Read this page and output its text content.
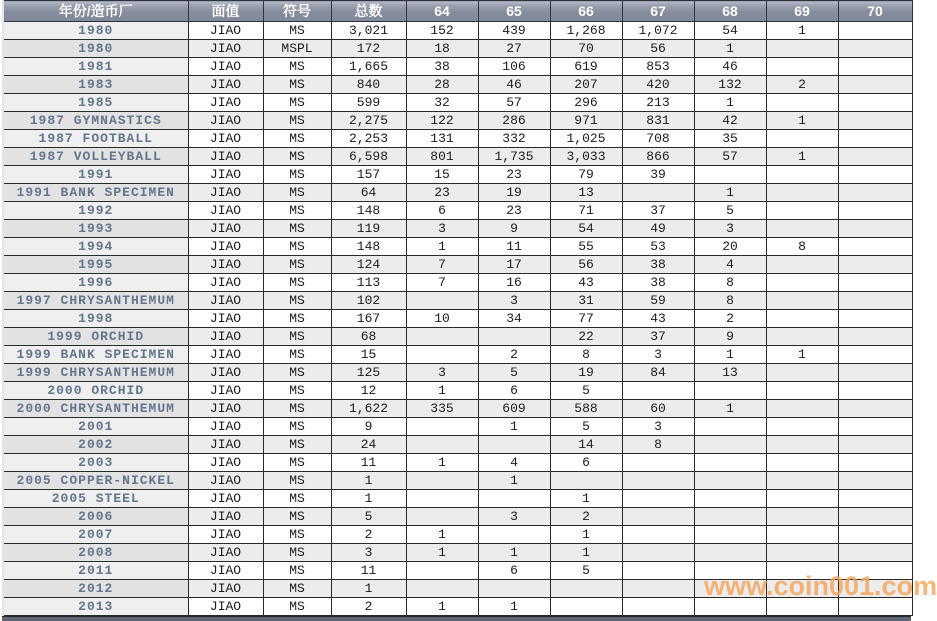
年份/造币厂	面值	符号	总数	64	65	66	67	68	69	70
1980	JIAO	MS	3,021	152	439	1,268	1,072	54	1	
1980	JIAO	MSPL	172	18	27	70	56	1		
1981	JIAO	MS	1,665	38	106	619	853	46		
1983	JIAO	MS	840	28	46	207	420	132	2	
1985	JIAO	MS	599	32	57	296	213	1		
1987 GYMNASTICS	JIAO	MS	2,275	122	286	971	831	42	1	
1987 FOOTBALL	JIAO	MS	2,253	131	332	1,025	708	35		
1987 VOLLEYBALL	JIAO	MS	6,598	801	1,735	3,033	866	57	1	
1991	JIAO	MS	157	15	23	79	39			
1991 BANK SPECIMEN	JIAO	MS	64	23	19	13		1		
1992	JIAO	MS	148	6	23	71	37	5		
1993	JIAO	MS	119	3	9	54	49	3		
1994	JIAO	MS	148	1	11	55	53	20	8	
1995	JIAO	MS	124	7	17	56	38	4		
1996	JIAO	MS	113	7	16	43	38	8		
1997 CHRYSANTHEMUM	JIAO	MS	102		3	31	59	8		
1998	JIAO	MS	167	10	34	77	43	2		
1999 ORCHID	JIAO	MS	68			22	37	9		
1999 BANK SPECIMEN	JIAO	MS	15		2	8	3	1	1	
1999 CHRYSANTHEMUM	JIAO	MS	125	3	5	19	84	13		
2000 ORCHID	JIAO	MS	12	1	6	5				
2000 CHRYSANTHEMUM	JIAO	MS	1,622	335	609	588	60	1		
2001	JIAO	MS	9		1	5	3			
2002	JIAO	MS	24			14	8			
2003	JIAO	MS	11	1	4	6				
2005 COPPER-NICKEL	JIAO	MS	1		1					
2005 STEEL	JIAO	MS	1			1				
2006	JIAO	MS	5		3	2				
2007	JIAO	MS	2	1		1				
2008	JIAO	MS	3	1	1	1				
2011	JIAO	MS	11		6	5				
2012	JIAO	MS	1							
2013	JIAO	MS	2	1	1					
www.coin001.com
